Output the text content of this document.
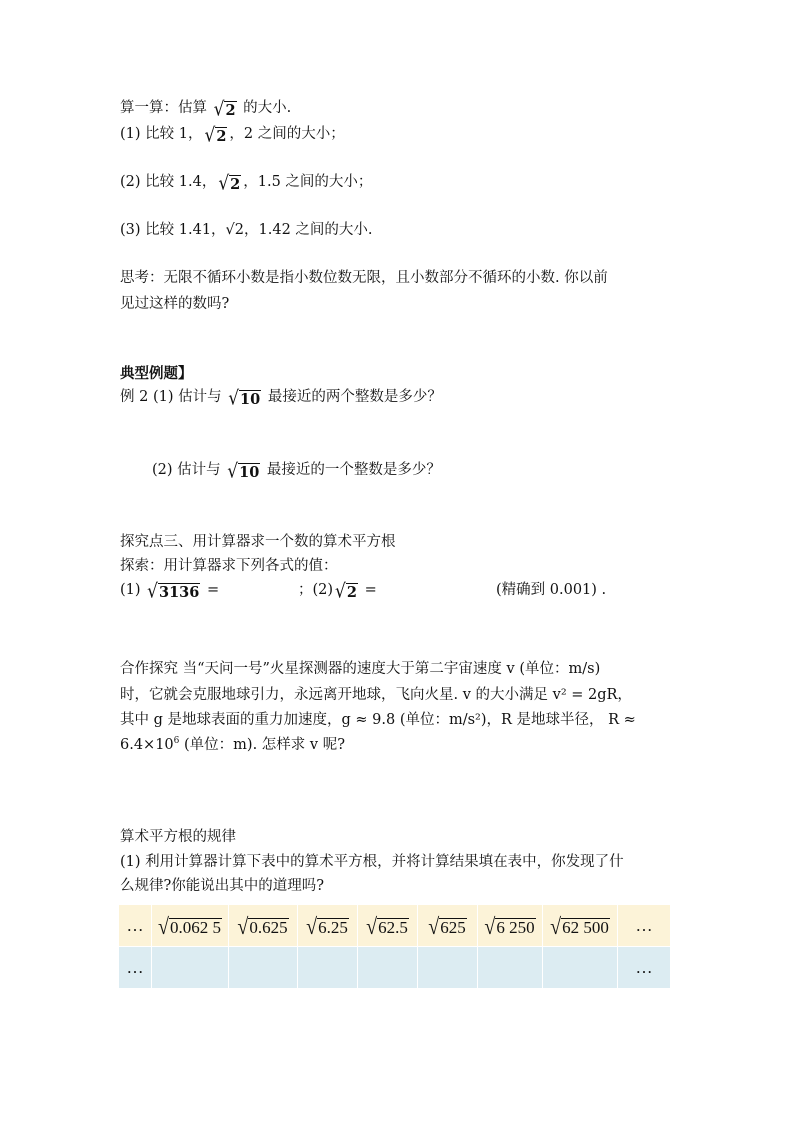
算一算：估算 √ 2 的大小.
(1) 比较 1， √ 2 ，2 之间的大小；
(2) 比较 1.4， √ 2 ，1.5 之间的大小；
(3) 比较 1.41，√2，1.42 之间的大小.
思考：无限不循环小数是指小数位数无限，且小数部分不循环的小数. 你以前
见过这样的数吗?
典型例题】
例 2 (1) 估计与 √ 10 最接近的两个整数是多少？
(2) 估计与 √ 10 最接近的一个整数是多少？
探究点三、用计算器求一个数的算术平方根
探索：用计算器求下列各式的值：
(1) √ 3136 =	；(2) √ 2 =	(精确到 0.001) .
合作探究 当“天问一号”火星探测器的速度大于第二宇宙速度 v (单位：m/s)
时，它就会克服地球引力，永远离开地球，飞向火星. v 的大小满足 v² = 2gR，
其中 g 是地球表面的重力加速度，g ≈ 9.8 (单位：m/s²)，R 是地球半径， R ≈
$6.4\times 10^6$ (单位：m). 怎样求 v 呢?
算术平方根的规律
(1) 利用计算器计算下表中的算术平方根，并将计算结果填在表中，你发现了什
么规律?你能说出其中的道理吗?
…	√ 0.062 5	√ 0.625	√ 6.25	√ 62.5	√ 625	√ 6 250	√ 62 500	…
…								…
